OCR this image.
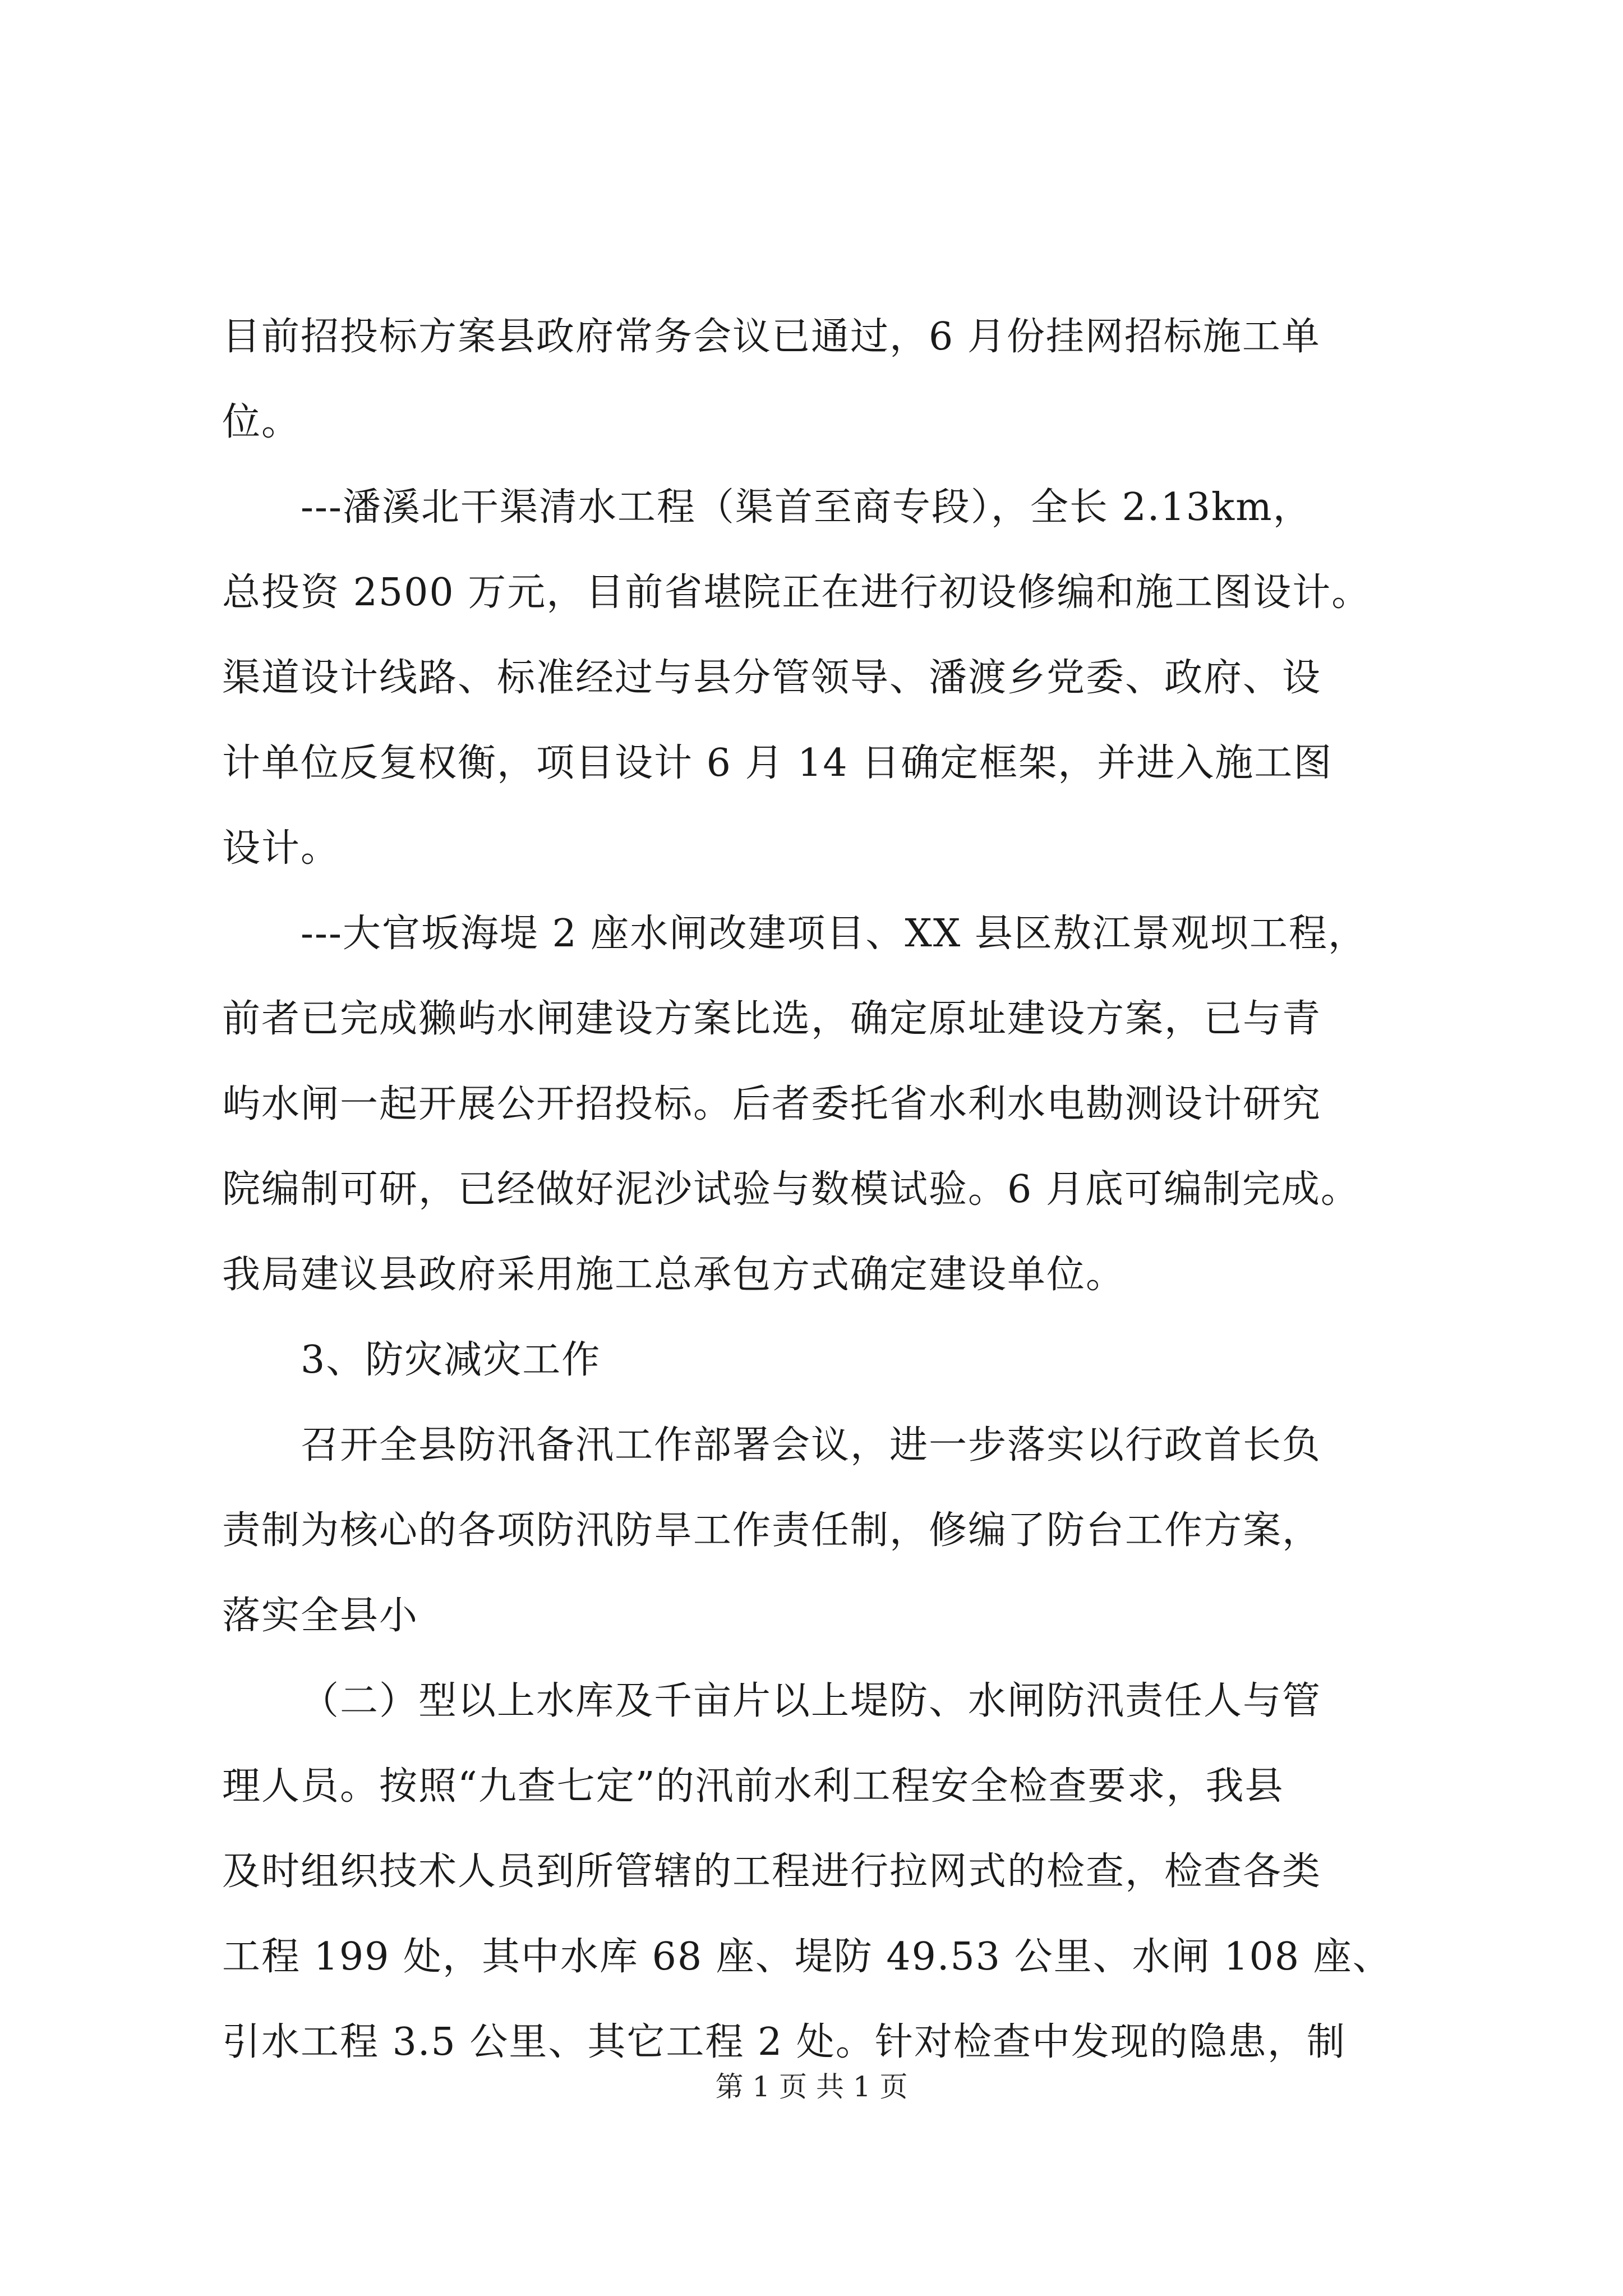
目前招投标方案县政府常务会议已通过，6 月份挂网招标施工单
位。
---潘溪北干渠清水工程（渠首至商专段），全长 2.13km，
总投资 2500 万元，目前省堪院正在进行初设修编和施工图设计。
渠道设计线路、标准经过与县分管领导、潘渡乡党委、政府、设
计单位反复权衡，项目设计 6 月 14 日确定框架，并进入施工图
设计。
---大官坂海堤 2 座水闸改建项目、XX 县区敖江景观坝工程，
前者已完成獭屿水闸建设方案比选，确定原址建设方案，已与青
屿水闸一起开展公开招投标。后者委托省水利水电勘测设计研究
院编制可研，已经做好泥沙试验与数模试验。6 月底可编制完成。
我局建议县政府采用施工总承包方式确定建设单位。
3、防灾减灾工作
召开全县防汛备汛工作部署会议，进一步落实以行政首长负
责制为核心的各项防汛防旱工作责任制，修编了防台工作方案，
落实全县小
（二）型以上水库及千亩片以上堤防、水闸防汛责任人与管
理人员。按照“九查七定”的汛前水利工程安全检查要求，我县
及时组织技术人员到所管辖的工程进行拉网式的检查，检查各类
工程 199 处，其中水库 68 座、堤防 49.53 公里、水闸 108 座、
引水工程 3.5 公里、其它工程 2 处。针对检查中发现的隐患，制
第 1 页 共 1 页
